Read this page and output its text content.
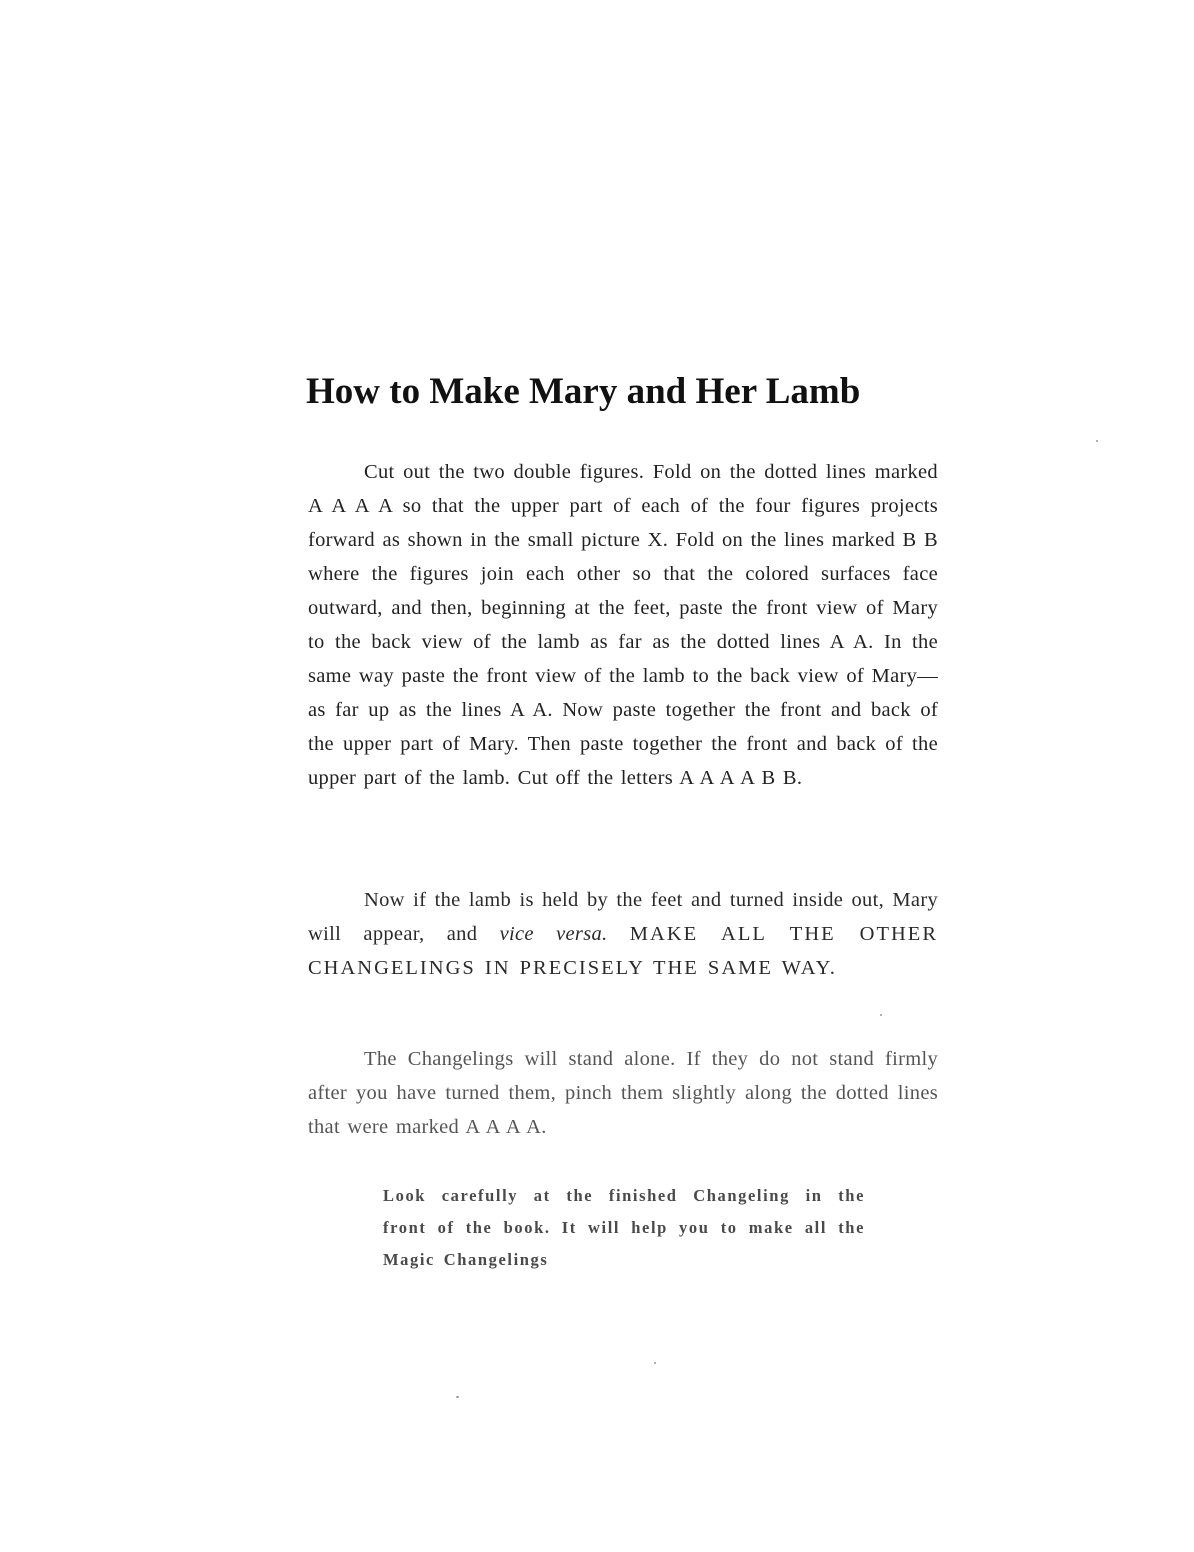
How to Make Mary and Her Lamb

Cut out the two double figures. Fold on the dotted lines marked A A A A so that the upper part of each of the four figures projects forward as shown in the small picture X. Fold on the lines marked B B where the figures join each other so that the colored surfaces face outward, and then, beginning at the feet, paste the front view of Mary to the back view of the lamb as far as the dotted lines A A. In the same way paste the front view of the lamb to the back view of Mary—as far up as the lines A A. Now paste together the front and back of the upper part of Mary. Then paste together the front and back of the upper part of the lamb. Cut off the letters A A A A B B.

Now if the lamb is held by the feet and turned inside out, Mary will appear, and vice versa. MAKE ALL THE OTHER CHANGELINGS IN PRECISELY THE SAME WAY.

The Changelings will stand alone. If they do not stand firmly after you have turned them, pinch them slightly along the dotted lines that were marked A A A A.

Look carefully at the finished Changeling in the front of the book. It will help you to make all the Magic Changelings
